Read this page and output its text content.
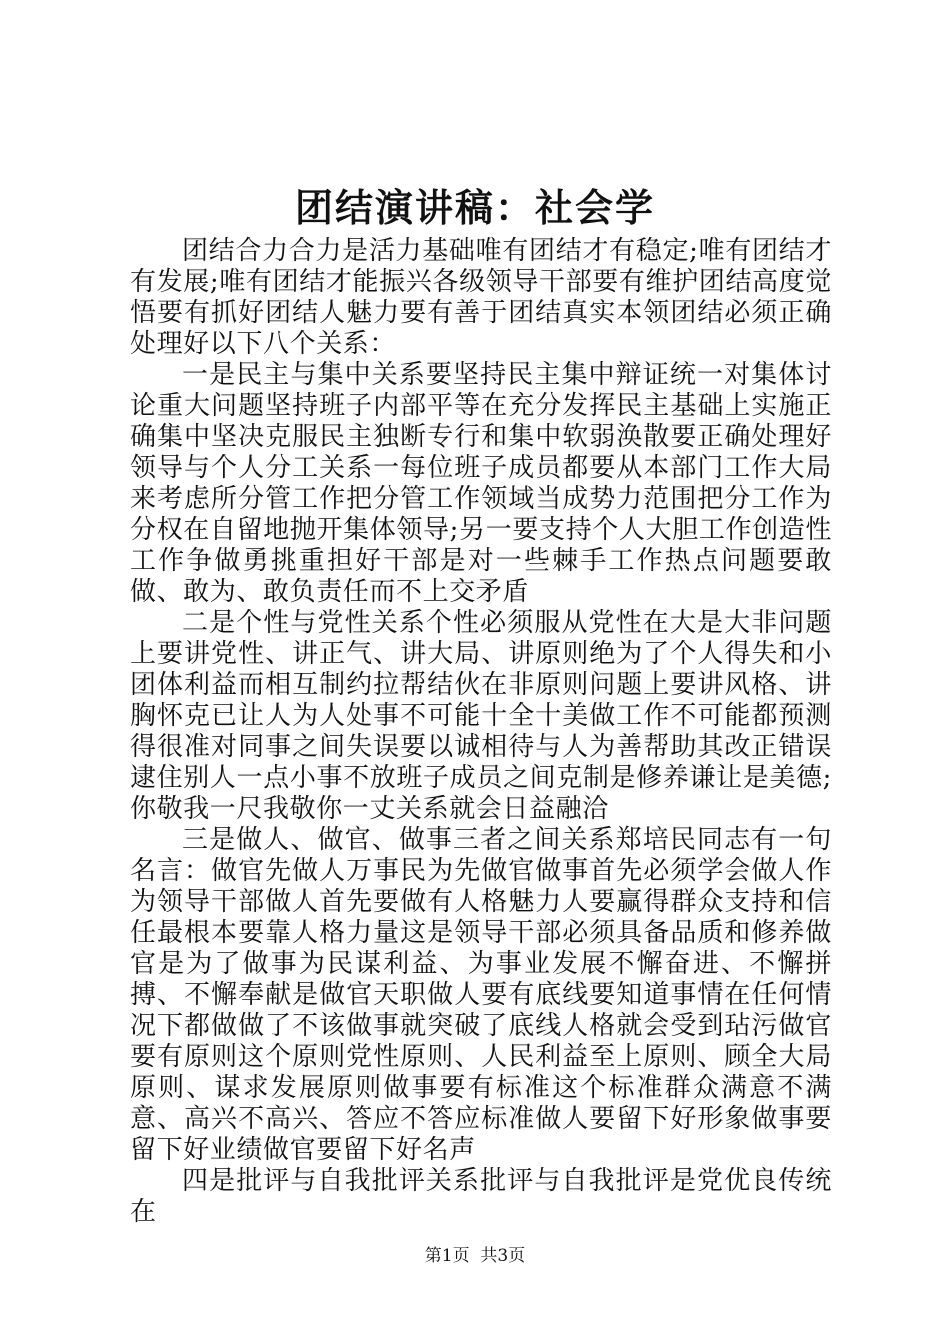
团结演讲稿：社会学

团结合力合力是活力基础唯有团结才有稳定;唯有团结才有发展;唯有团结才能振兴各级领导干部要有维护团结高度觉悟要有抓好团结人魅力要有善于团结真实本领团结必须正确处理好以下八个关系：

一是民主与集中关系要坚持民主集中辩证统一对集体讨论重大问题坚持班子内部平等在充分发挥民主基础上实施正确集中坚决克服民主独断专行和集中软弱涣散要正确处理好领导与个人分工关系一每位班子成员都要从本部门工作大局来考虑所分管工作把分管工作领域当成势力范围把分工作为分权在自留地抛开集体领导;另一要支持个人大胆工作创造性工作争做勇挑重担好干部是对一些棘手工作热点问题要敢做、敢为、敢负责任而不上交矛盾

二是个性与党性关系个性必须服从党性在大是大非问题上要讲党性、讲正气、讲大局、讲原则绝为了个人得失和小团体利益而相互制约拉帮结伙在非原则问题上要讲风格、讲胸怀克已让人为人处事不可能十全十美做工作不可能都预测得很准对同事之间失误要以诚相待与人为善帮助其改正错误逮住别人一点小事不放班子成员之间克制是修养谦让是美德;你敬我一尺我敬你一丈关系就会日益融洽

三是做人、做官、做事三者之间关系郑培民同志有一句名言：做官先做人万事民为先做官做事首先必须学会做人作为领导干部做人首先要做有人格魅力人要赢得群众支持和信任最根本要靠人格力量这是领导干部必须具备品质和修养做官是为了做事为民谋利益、为事业发展不懈奋进、不懈拼搏、不懈奉献是做官天职做人要有底线要知道事情在任何情况下都做做了不该做事就突破了底线人格就会受到玷污做官要有原则这个原则党性原则、人民利益至上原则、顾全大局原则、谋求发展原则做事要有标准这个标准群众满意不满意、高兴不高兴、答应不答应标准做人要留下好形象做事要留下好业绩做官要留下好名声

四是批评与自我批评关系批评与自我批评是党优良传统在

第1页  共3页
